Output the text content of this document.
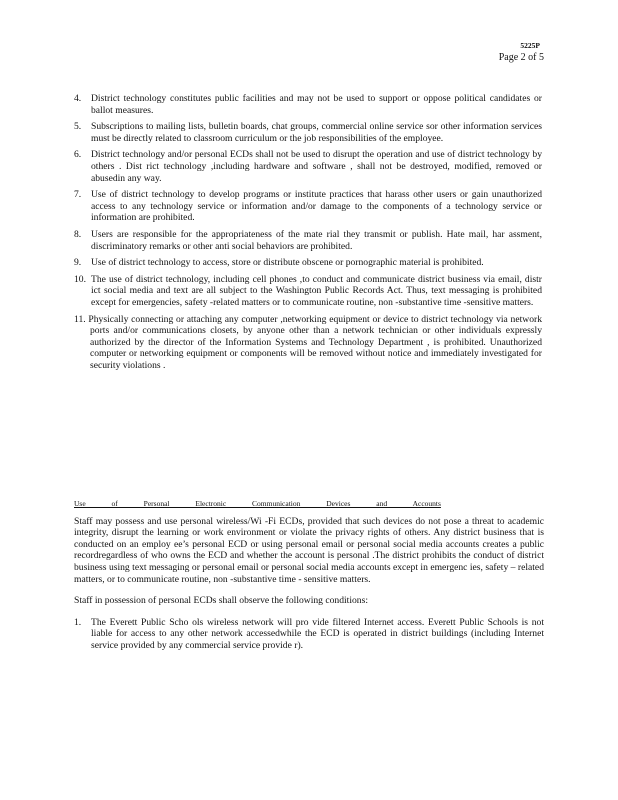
5225P
Page 2 of 5
4. District technology constitutes public facilities and may not be used to support or oppose political candidates or ballot measures.
5. Subscriptions to mailing lists, bulletin boards, chat groups, commercial online service sor other information services must be directly related to classroom curriculum or the job responsibilities of the employee.
6. District technology and/or personal ECDs shall not be used to disrupt the operation and use of district technology by others . Dist rict technology ,including hardware and software , shall not be destroyed, modified, removed or abusedin any way.
7. Use of district technology to develop programs or institute practices that harass other users or gain unauthorized access to any technology service or information and/or damage to the components of a technology service or information are prohibited.
8. Users are responsible for the appropriateness of the mate rial they transmit or publish. Hate mail, har assment, discriminatory remarks or other anti social behaviors are prohibited.
9. Use of district technology to access, store or distribute obscene or pornographic material is prohibited.
10. The use of district technology, including cell phones ,to conduct and communicate district business via email, distr ict social media and text are all subject to the Washington Public Records Act. Thus, text messaging is prohibited except for emergencies, safety -related matters or to communicate routine, non -substantive time -sensitive matters.
11. Physically connecting or attaching any computer ,networking equipment or device to district technology via network ports and/or communications closets, by anyone other than a network technician or other individuals expressly authorized by the director of the Information Systems and Technology Department , is prohibited. Unauthorized computer or networking equipment or components will be removed without notice and immediately investigated for security violations .
Use of Personal Electronic Communication Devices and Accounts
Staff may possess and use personal wireless/Wi -Fi ECDs, provided that such devices do not pose a threat to academic integrity, disrupt the learning or work environment or violate the privacy rights of others. Any district business that is conducted on an employ ee’s personal ECD or using personal email or personal social media accounts creates a public recordregardless of who owns the ECD and whether the account is personal .The district prohibits the conduct of district business using text messaging or personal email or personal social media accounts except in emergenc ies, safety – related matters, or to communicate routine, non -substantive time - sensitive matters.
Staff in possession of personal ECDs shall observe the following conditions:
1. The Everett Public Scho ols wireless network will pro vide filtered Internet access. Everett Public Schools is not liable for access to any other network accessedwhile the ECD is operated in district buildings (including Internet service provided by any commercial service provide r).
